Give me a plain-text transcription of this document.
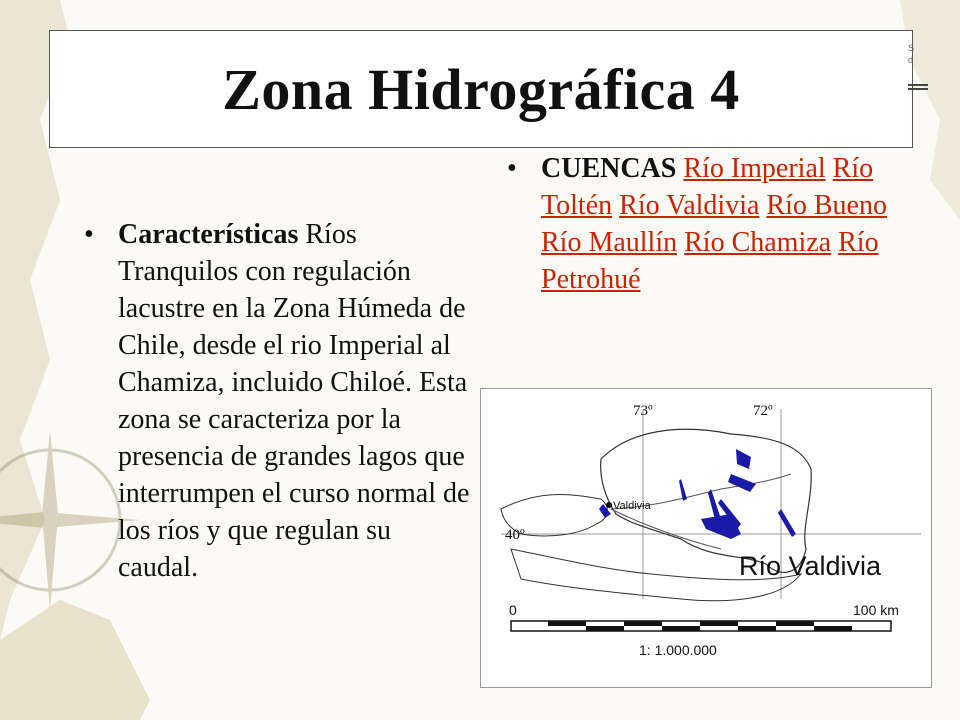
Zona Hidrográfica 4
S
d
• Características Ríos Tranquilos con regulación lacustre en la Zona Húmeda de Chile, desde el rio Imperial al Chamiza, incluido Chiloé. Esta zona se caracteriza por la presencia de grandes lagos que interrumpen el curso normal de los ríos y que regulan su caudal.
• CUENCAS Río Imperial Río Toltén Río Valdivia Río Bueno Río Maullín Río Chamiza Río Petrohué
73º	72º
40º
Valdivia
Río Valdivia
0	100 km
1: 1.000.000
